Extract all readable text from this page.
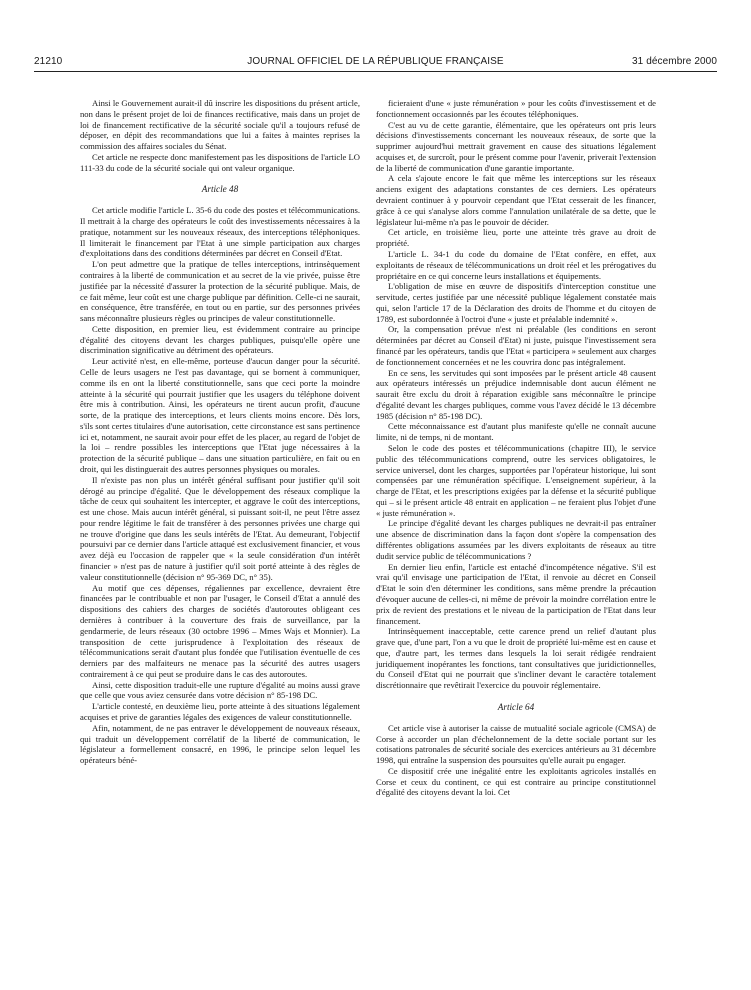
21210	JOURNAL OFFICIEL DE LA RÉPUBLIQUE FRANÇAISE	31 décembre 2000

Ainsi le Gouvernement aurait-il dû inscrire les dispositions du présent article, non dans le présent projet de loi de finances rectificative, mais dans un projet de loi de financement rectificative de la sécurité sociale qu'il a toujours refusé de déposer, en dépit des recommandations que lui a faites à maintes reprises la commission des affaires sociales du Sénat.

Cet article ne respecte donc manifestement pas les dispositions de l'article LO 111-33 du code de la sécurité sociale qui ont valeur organique.

Article 48

Cet article modifie l'article L. 35-6 du code des postes et télécommunications. Il mettrait à la charge des opérateurs le coût des investissements nécessaires à la pratique, notamment sur les nouveaux réseaux, des interceptions téléphoniques. Il limiterait le financement par l'Etat à une simple participation aux charges d'exploitations dans des conditions déterminées par décret en Conseil d'Etat.

L'on peut admettre que la pratique de telles interceptions, intrinsèquement contraires à la liberté de communication et au secret de la vie privée, puisse être justifiée par la nécessité d'assurer la protection de la sécurité publique. Mais, de ce fait même, leur coût est une charge publique par définition. Celle-ci ne saurait, en conséquence, être transférée, en tout ou en partie, sur des personnes privées sans méconnaître plusieurs règles ou principes de valeur constitutionnelle.

Cette disposition, en premier lieu, est évidemment contraire au principe d'égalité des citoyens devant les charges publiques, puisqu'elle opère une discrimination significative au détriment des opérateurs.

Leur activité n'est, en elle-même, porteuse d'aucun danger pour la sécurité. Celle de leurs usagers ne l'est pas davantage, qui se bornent à communiquer, comme ils en ont la liberté constitutionnelle, sans que ceci porte la moindre atteinte à la sécurité qui pourrait justifier que les usagers du téléphone doivent être mis à contribution. Ainsi, les opérateurs ne tirent aucun profit, d'aucune sorte, de la pratique des interceptions, et leurs clients moins encore. Dès lors, s'ils sont certes titulaires d'une autorisation, cette circonstance est sans pertinence ici et, notamment, ne saurait avoir pour effet de les placer, au regard de l'objet de la loi – rendre possibles les interceptions que l'Etat juge nécessaires à la protection de la sécurité publique – dans une situation particulière, en fait ou en droit, qui les distinguerait des autres personnes physiques ou morales.

Il n'existe pas non plus un intérêt général suffisant pour justifier qu'il soit dérogé au principe d'égalité. Que le développement des réseaux complique la tâche de ceux qui souhaitent les intercepter, et aggrave le coût des interceptions, est une chose. Mais aucun intérêt général, si puissant soit-il, ne peut l'être assez pour rendre légitime le fait de transférer à des personnes privées une charge qui ne trouve d'origine que dans les seuls intérêts de l'Etat. Au demeurant, l'objectif poursuivi par ce dernier dans l'article attaqué est exclusivement financier, et vous avez déjà eu l'occasion de rappeler que « la seule considération d'un intérêt financier » n'est pas de nature à justifier qu'il soit porté atteinte à des règles de valeur constitutionnelle (décision n° 95-369 DC, n° 35).

Au motif que ces dépenses, régaliennes par excellence, devraient être financées par le contribuable et non par l'usager, le Conseil d'Etat a annulé des dispositions des cahiers des charges de sociétés d'autoroutes obligeant ces dernières à contribuer à la couverture des frais de surveillance, par la gendarmerie, de leurs réseaux (30 octobre 1996 – Mmes Wajs et Monnier). La transposition de cette jurisprudence à l'exploitation des réseaux de télécommunications serait d'autant plus fondée que l'utilisation éventuelle de ces derniers par des malfaiteurs ne menace pas la sécurité des autres usagers contrairement à ce qui peut se produire dans le cas des autoroutes.

Ainsi, cette disposition traduit-elle une rupture d'égalité au moins aussi grave que celle que vous aviez censurée dans votre décision n° 85-198 DC.

L'article contesté, en deuxième lieu, porte atteinte à des situations légalement acquises et prive de garanties légales des exigences de valeur constitutionnelle.

Afin, notamment, de ne pas entraver le développement de nouveaux réseaux, qui traduit un développement corrélatif de la liberté de communication, le législateur a formellement consacré, en 1996, le principe selon lequel les opérateurs béné-

ficieraient d'une « juste rémunération » pour les coûts d'investissement et de fonctionnement occasionnés par les écoutes téléphoniques.

C'est au vu de cette garantie, élémentaire, que les opérateurs ont pris leurs décisions d'investissements concernant les nouveaux réseaux, de sorte que la supprimer aujourd'hui mettrait gravement en cause des situations légalement acquises et, de surcroît, pour le présent comme pour l'avenir, priverait l'extension de la liberté de communication d'une garantie importante.

A cela s'ajoute encore le fait que même les interceptions sur les réseaux anciens exigent des adaptations constantes de ces derniers. Les opérateurs devraient continuer à y pourvoir cependant que l'Etat cesserait de les financer, grâce à ce qui s'analyse alors comme l'annulation unilatérale de sa dette, que le législateur lui-même n'a pas le pouvoir de décider.

Cet article, en troisième lieu, porte une atteinte très grave au droit de propriété.

L'article L. 34-1 du code du domaine de l'Etat confère, en effet, aux exploitants de réseaux de télécommunications un droit réel et les prérogatives du propriétaire en ce qui concerne leurs installations et équipements.

L'obligation de mise en œuvre de dispositifs d'interception constitue une servitude, certes justifiée par une nécessité publique légalement constatée mais qui, selon l'article 17 de la Déclaration des droits de l'homme et du citoyen de 1789, est subordonnée à l'octroi d'une « juste et préalable indemnité ».

Or, la compensation prévue n'est ni préalable (les conditions en seront déterminées par décret au Conseil d'Etat) ni juste, puisque l'investissement sera financé par les opérateurs, tandis que l'Etat « participera » seulement aux charges de fonctionnement concernées et ne les couvrira donc pas intégralement.

En ce sens, les servitudes qui sont imposées par le présent article 48 causent aux opérateurs intéressés un préjudice indemnisable dont aucun élément ne saurait être exclu du droit à réparation exigible sans méconnaître le principe d'égalité devant les charges publiques, comme vous l'avez décidé le 13 décembre 1985 (décision n° 85-198 DC).

Cette méconnaissance est d'autant plus manifeste qu'elle ne connaît aucune limite, ni de temps, ni de montant.

Selon le code des postes et télécommunications (chapitre III), le service public des télécommunications comprend, outre les services obligatoires, le service universel, dont les charges, supportées par l'opérateur historique, lui sont compensées par une rémunération spécifique. L'enseignement supérieur, à la charge de l'Etat, et les prescriptions exigées par la défense et la sécurité publique qui – si le présent article 48 entrait en application – ne feraient plus l'objet d'une « juste rémunération ».

Le principe d'égalité devant les charges publiques ne devrait-il pas entraîner une absence de discrimination dans la façon dont s'opère la compensation des différentes obligations assumées par les divers exploitants de réseaux au titre dudit service public de télécommunications ?

En dernier lieu enfin, l'article est entaché d'incompétence négative. S'il est vrai qu'il envisage une participation de l'Etat, il renvoie au décret en Conseil d'Etat le soin d'en déterminer les conditions, sans même prendre la précaution d'évoquer aucune de celles-ci, ni même de prévoir la moindre corrélation entre le prix de revient des prestations et le niveau de la participation de l'Etat dans leur financement.

Intrinsèquement inacceptable, cette carence prend un relief d'autant plus grave que, d'une part, l'on a vu que le droit de propriété lui-même est en cause et que, d'autre part, les termes dans lesquels la loi serait rédigée rendraient juridiquement inopérantes les fonctions, tant consultatives que juridictionnelles, du Conseil d'Etat qui ne pourrait que s'incliner devant le caractère totalement discrétionnaire que revêtirait l'exercice du pouvoir réglementaire.

Article 64

Cet article vise à autoriser la caisse de mutualité sociale agricole (CMSA) de Corse à accorder un plan d'échelonnement de la dette sociale portant sur les cotisations patronales de sécurité sociale des exercices antérieurs au 31 décembre 1998, qui entraîne la suspension des poursuites qu'elle aurait pu engager.

Ce dispositif crée une inégalité entre les exploitants agricoles installés en Corse et ceux du continent, ce qui est contraire au principe constitutionnel d'égalité des citoyens devant la loi. Cet
